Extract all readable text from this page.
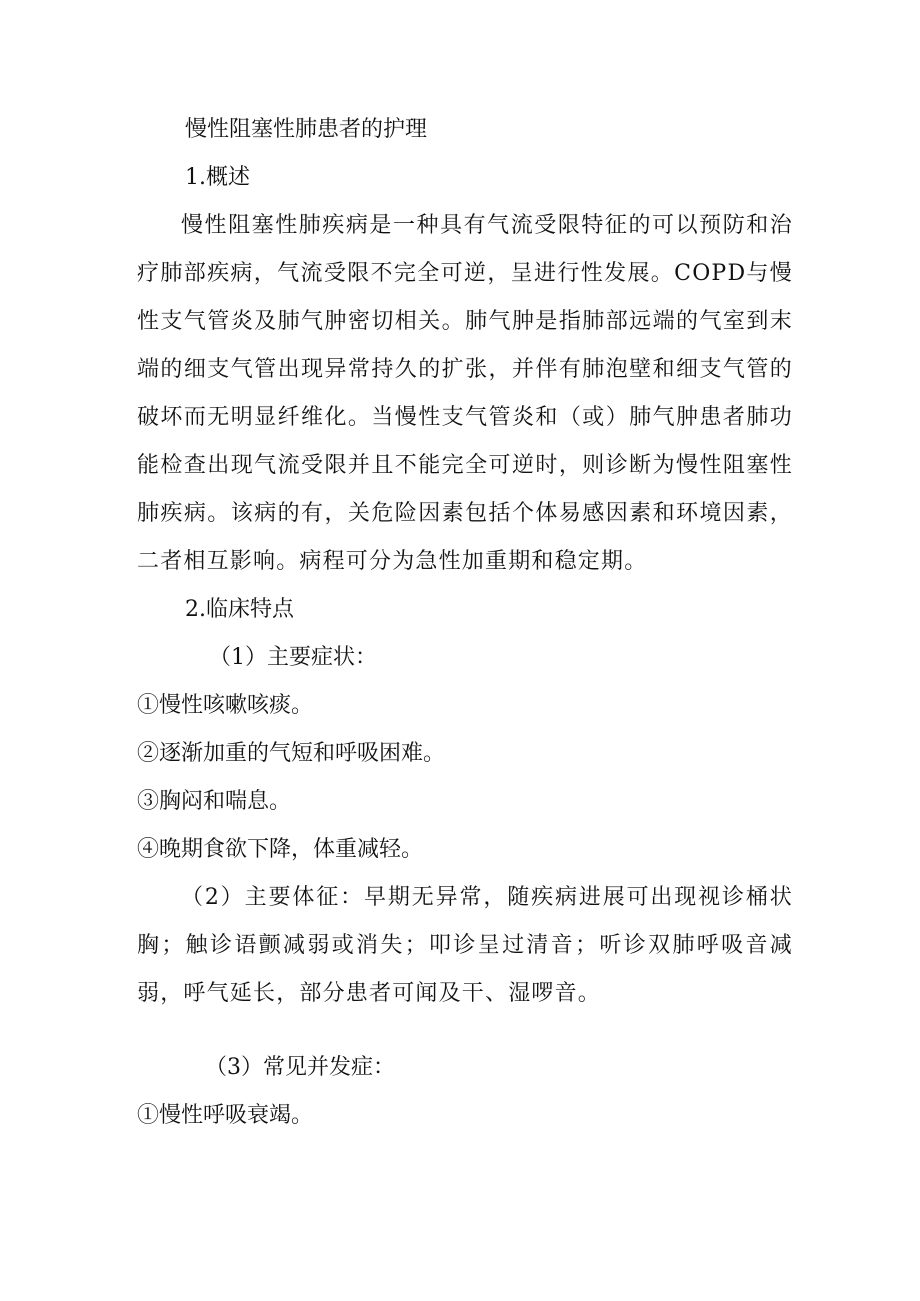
慢性阻塞性肺患者的护理
1.概述
慢性阻塞性肺疾病是一种具有气流受限特征的可以预防和治疗肺部疾病，气流受限不完全可逆，呈进行性发展。COPD与慢性支气管炎及肺气肿密切相关。肺气肿是指肺部远端的气室到末端的细支气管出现异常持久的扩张，并伴有肺泡壁和细支气管的破坏而无明显纤维化。当慢性支气管炎和（或）肺气肿患者肺功能检查出现气流受限并且不能完全可逆时，则诊断为慢性阻塞性肺疾病。该病的有，关危险因素包括个体易感因素和环境因素，二者相互影响。病程可分为急性加重期和稳定期。
2.临床特点
（1）主要症状：
①慢性咳嗽咳痰。
②逐渐加重的气短和呼吸困难。
③胸闷和喘息。
④晚期食欲下降，体重减轻。
（2）主要体征：早期无异常，随疾病进展可出现视诊桶状胸；触诊语颤减弱或消失；叩诊呈过清音；听诊双肺呼吸音减弱，呼气延长，部分患者可闻及干、湿啰音。
（3）常见并发症：
①慢性呼吸衰竭。
